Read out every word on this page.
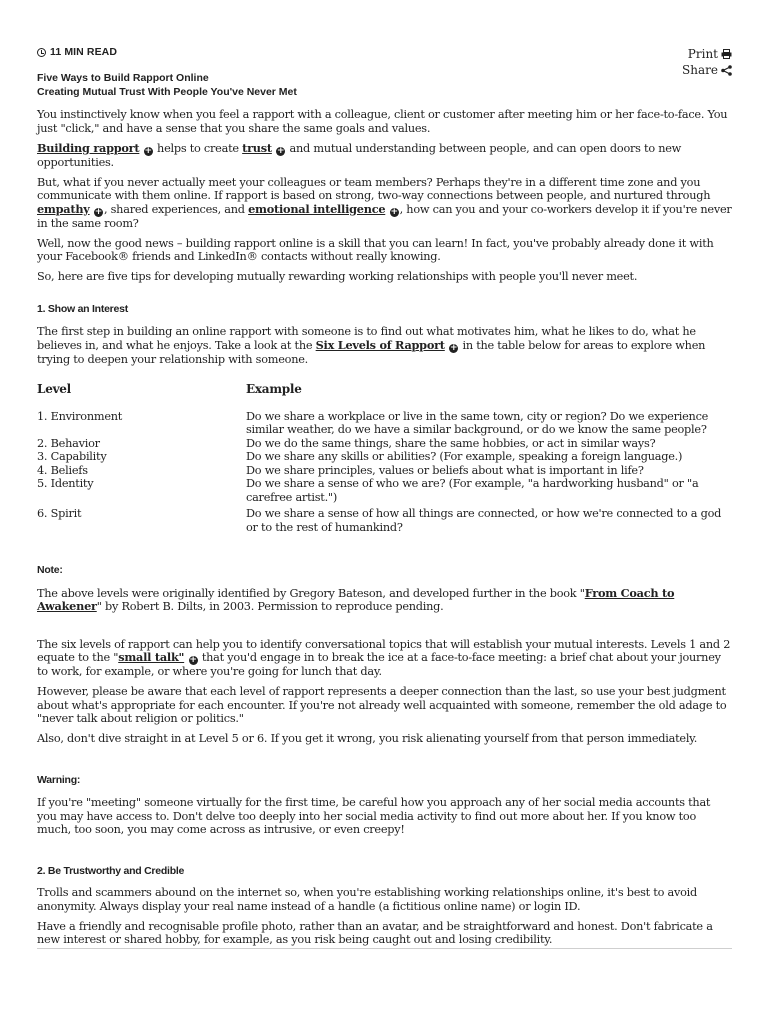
11 MIN READ	Print
Share
Five Ways to Build Rapport Online
Creating Mutual Trust With People You've Never Met

You instinctively know when you feel a rapport with a colleague, client or customer after meeting him or her face-to-face. You just "click," and have a sense that you share the same goals and values.

Building rapport + helps to create trust + and mutual understanding between people, and can open doors to new opportunities.

But, what if you never actually meet your colleagues or team members? Perhaps they're in a different time zone and you communicate with them online. If rapport is based on strong, two-way connections between people, and nurtured through empathy + , shared experiences, and emotional intelligence + , how can you and your co-workers develop it if you're never in the same room?

Well, now the good news – building rapport online is a skill that you can learn! In fact, you've probably already done it with your Facebook® friends and LinkedIn® contacts without really knowing.

So, here are five tips for developing mutually rewarding working relationships with people you'll never meet.

1. Show an Interest

The first step in building an online rapport with someone is to find out what motivates him, what he likes to do, what he believes in, and what he enjoys. Take a look at the Six Levels of Rapport + in the table below for areas to explore when trying to deepen your relationship with someone.

Level	Example
1. Environment	Do we share a workplace or live in the same town, city or region? Do we experience similar weather, do we have a similar background, or do we know the same people?
2. Behavior	Do we do the same things, share the same hobbies, or act in similar ways?
3. Capability	Do we share any skills or abilities? (For example, speaking a foreign language.)
4. Beliefs	Do we share principles, values or beliefs about what is important in life?
5. Identity	Do we share a sense of who we are? (For example, "a hardworking husband" or "a carefree artist.")
6. Spirit	Do we share a sense of how all things are connected, or how we're connected to a god or to the rest of humankind?
Note:

The above levels were originally identified by Gregory Bateson, and developed further in the book "From Coach to Awakener" by Robert B. Dilts, in 2003. Permission to reproduce pending.

The six levels of rapport can help you to identify conversational topics that will establish your mutual interests. Levels 1 and 2 equate to the "small talk" + that you'd engage in to break the ice at a face-to-face meeting: a brief chat about your journey to work, for example, or where you're going for lunch that day.

However, please be aware that each level of rapport represents a deeper connection than the last, so use your best judgment about what's appropriate for each encounter. If you're not already well acquainted with someone, remember the old adage to "never talk about religion or politics."

Also, don't dive straight in at Level 5 or 6. If you get it wrong, you risk alienating yourself from that person immediately.

Warning:

If you're "meeting" someone virtually for the first time, be careful how you approach any of her social media accounts that you may have access to. Don't delve too deeply into her social media activity to find out more about her. If you know too much, too soon, you may come across as intrusive, or even creepy!

2. Be Trustworthy and Credible

Trolls and scammers abound on the internet so, when you're establishing working relationships online, it's best to avoid anonymity. Always display your real name instead of a handle (a fictitious online name) or login ID.

Have a friendly and recognisable profile photo, rather than an avatar, and be straightforward and honest. Don't fabricate a new interest or shared hobby, for example, as you risk being caught out and losing credibility.
